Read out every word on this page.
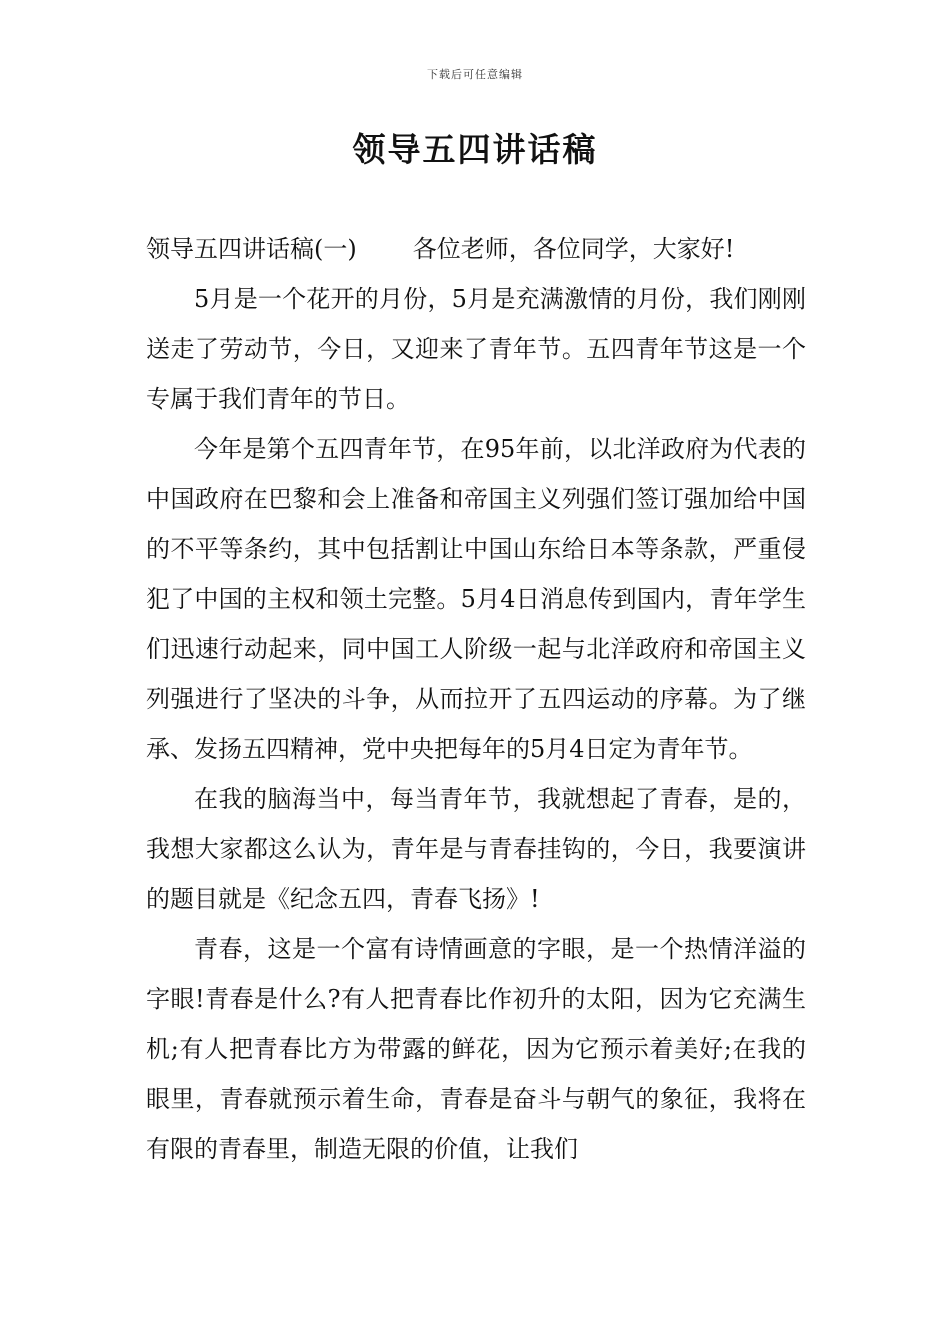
下载后可任意编辑
领导五四讲话稿

领导五四讲话稿(一) 各位老师，各位同学，大家好!

5月是一个花开的月份，5月是充满激情的月份，我们刚刚送走了劳动节，今日，又迎来了青年节。五四青年节这是一个专属于我们青年的节日。

今年是第个五四青年节，在95年前，以北洋政府为代表的中国政府在巴黎和会上准备和帝国主义列强们签订强加给中国的不平等条约，其中包括割让中国山东给日本等条款，严重侵犯了中国的主权和领土完整。5月4日消息传到国内，青年学生们迅速行动起来，同中国工人阶级一起与北洋政府和帝国主义列强进行了坚决的斗争，从而拉开了五四运动的序幕。为了继承、发扬五四精神，党中央把每年的5月4日定为青年节。

在我的脑海当中，每当青年节，我就想起了青春，是的，我想大家都这么认为，青年是与青春挂钩的，今日，我要演讲的题目就是《纪念五四，青春飞扬》!

青春，这是一个富有诗情画意的字眼，是一个热情洋溢的字眼!青春是什么?有人把青春比作初升的太阳，因为它充满生机;有人把青春比方为带露的鲜花，因为它预示着美好;在我的眼里，青春就预示着生命，青春是奋斗与朝气的象征，我将在有限的青春里，制造无限的价值，让我们
